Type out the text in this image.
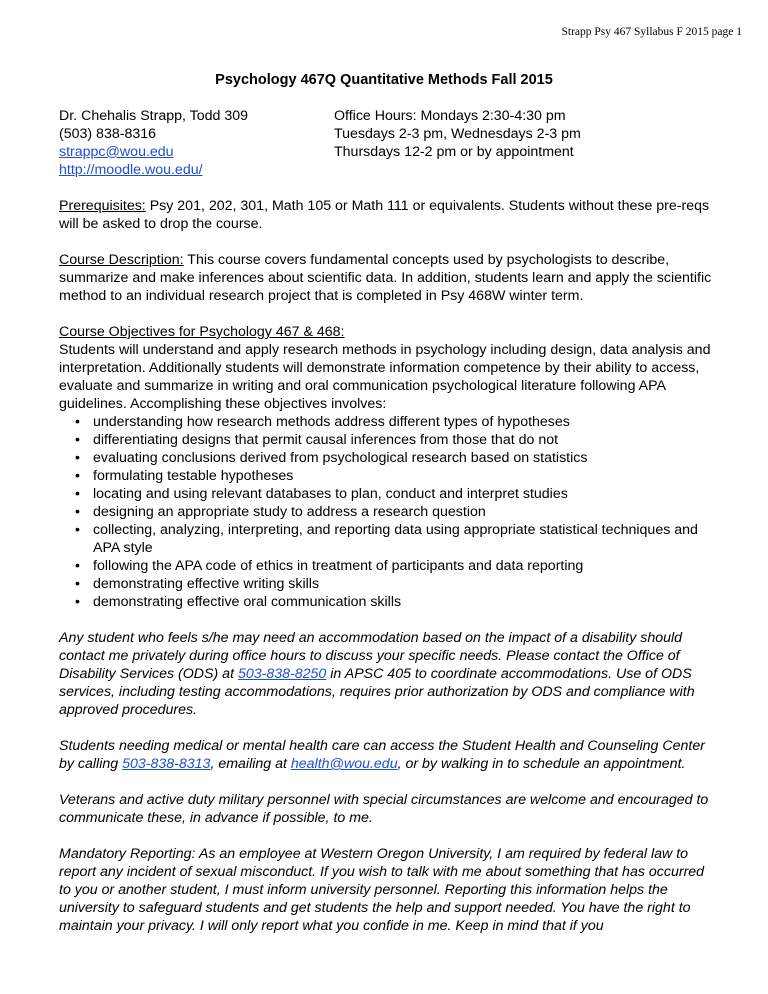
Strapp Psy 467 Syllabus F 2015 page 1
Psychology 467Q Quantitative Methods Fall 2015
Dr. Chehalis Strapp, Todd 309
(503) 838-8316
strappc@wou.edu
http://moodle.wou.edu/
Office Hours: Mondays 2:30-4:30 pm
Tuesdays 2-3 pm, Wednesdays 2-3 pm
Thursdays 12-2 pm or by appointment

Prerequisites: Psy 201, 202, 301, Math 105 or Math 111 or equivalents. Students without these pre-reqs will be asked to drop the course.

Course Description: This course covers fundamental concepts used by psychologists to describe, summarize and make inferences about scientific data. In addition, students learn and apply the scientific method to an individual research project that is completed in Psy 468W winter term.

Course Objectives for Psychology 467 & 468:

Students will understand and apply research methods in psychology including design, data analysis and interpretation. Additionally students will demonstrate information competence by their ability to access, evaluate and summarize in writing and oral communication psychological literature following APA guidelines. Accomplishing these objectives involves:

• understanding how research methods address different types of hypotheses
• differentiating designs that permit causal inferences from those that do not
• evaluating conclusions derived from psychological research based on statistics
• formulating testable hypotheses
• locating and using relevant databases to plan, conduct and interpret studies
• designing an appropriate study to address a research question
• collecting, analyzing, interpreting, and reporting data using appropriate statistical techniques and APA style
• following the APA code of ethics in treatment of participants and data reporting
• demonstrating effective writing skills
• demonstrating effective oral communication skills

Any student who feels s/he may need an accommodation based on the impact of a disability should contact me privately during office hours to discuss your specific needs. Please contact the Office of Disability Services (ODS) at 503-838-8250 in APSC 405 to coordinate accommodations. Use of ODS services, including testing accommodations, requires prior authorization by ODS and compliance with approved procedures.

Students needing medical or mental health care can access the Student Health and Counseling Center by calling 503-838-8313, emailing at health@wou.edu, or by walking in to schedule an appointment.

Veterans and active duty military personnel with special circumstances are welcome and encouraged to communicate these, in advance if possible, to me.

Mandatory Reporting: As an employee at Western Oregon University, I am required by federal law to report any incident of sexual misconduct. If you wish to talk with me about something that has occurred to you or another student, I must inform university personnel. Reporting this information helps the university to safeguard students and get students the help and support needed. You have the right to maintain your privacy. I will only report what you confide in me. Keep in mind that if you
